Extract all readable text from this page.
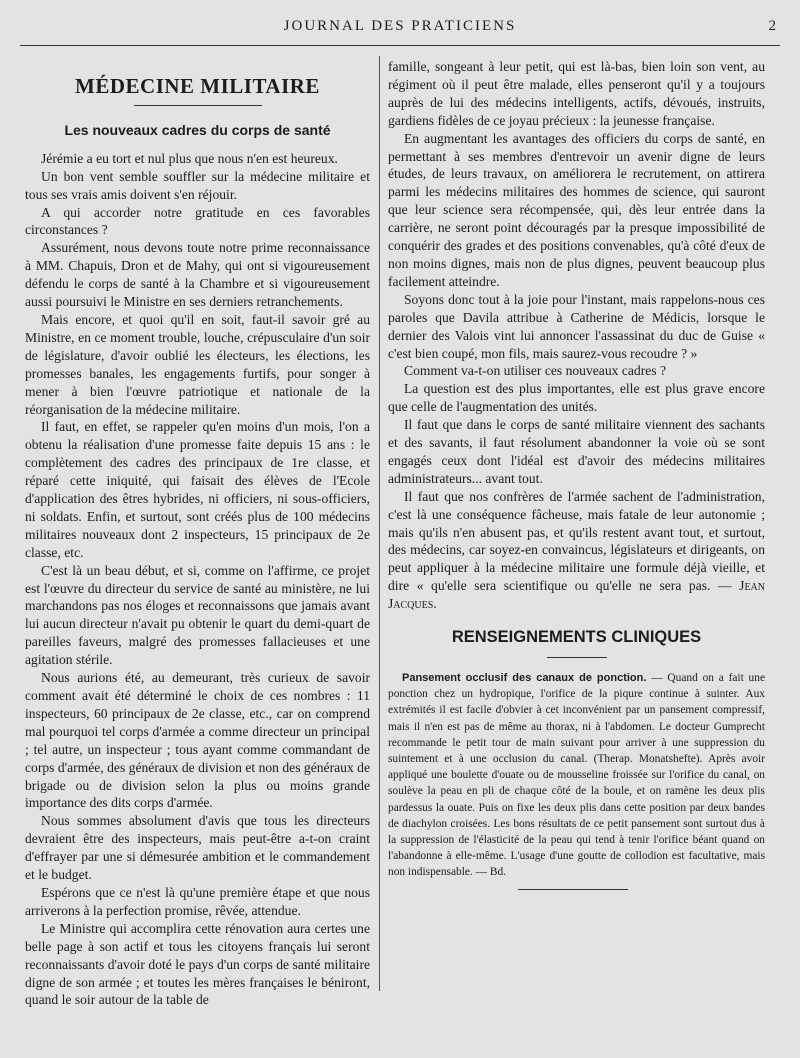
JOURNAL DES PRATICIENS	2
MÉDECINE MILITAIRE
Les nouveaux cadres du corps de santé

Jérémie a eu tort et nul plus que nous n'en est heureux.

Un bon vent semble souffler sur la médecine militaire et tous ses vrais amis doivent s'en réjouir.

A qui accorder notre gratitude en ces favorables circonstances ?

Assurément, nous devons toute notre prime reconnaissance à MM. Chapuis, Dron et de Mahy, qui ont si vigoureusement défendu le corps de santé à la Chambre et si vigoureusement aussi poursuivi le Ministre en ses derniers retranchements.

Mais encore, et quoi qu'il en soit, faut-il savoir gré au Ministre, en ce moment trouble, louche, crépusculaire d'un soir de législature, d'avoir oublié les électeurs, les élections, les promesses banales, les engagements furtifs, pour songer à mener à bien l'œuvre patriotique et nationale de la réorganisation de la médecine militaire.

Il faut, en effet, se rappeler qu'en moins d'un mois, l'on a obtenu la réalisation d'une promesse faite depuis 15 ans : le complètement des cadres des principaux de 1re classe, et réparé cette iniquité, qui faisait des élèves de l'Ecole d'application des êtres hybrides, ni officiers, ni sous-officiers, ni soldats. Enfin, et surtout, sont créés plus de 100 médecins militaires nouveaux dont 2 inspecteurs, 15 principaux de 2e classe, etc.

C'est là un beau début, et si, comme on l'affirme, ce projet est l'œuvre du directeur du service de santé au ministère, ne lui marchandons pas nos éloges et reconnaissons que jamais avant lui aucun directeur n'avait pu obtenir le quart du demi-quart de pareilles faveurs, malgré des promesses fallacieuses et une agitation stérile.

Nous aurions été, au demeurant, très curieux de savoir comment avait été déterminé le choix de ces nombres : 11 inspecteurs, 60 principaux de 2e classe, etc., car on comprend mal pourquoi tel corps d'armée a comme directeur un principal ; tel autre, un inspecteur ; tous ayant comme commandant de corps d'armée, des généraux de division et non des généraux de brigade ou de division selon la plus ou moins grande importance des dits corps d'armée.

Nous sommes absolument d'avis que tous les directeurs devraient être des inspecteurs, mais peut-être a-t-on craint d'effrayer par une si démesurée ambition et le commandement et le budget.

Espérons que ce n'est là qu'une première étape et que nous arriverons à la perfection promise, rêvée, attendue.

Le Ministre qui accomplira cette rénovation aura certes une belle page à son actif et tous les citoyens français lui seront reconnaissants d'avoir doté le pays d'un corps de santé militaire digne de son armée ; et toutes les mères françaises le béniront, quand le soir autour de la table de

famille, songeant à leur petit, qui est là-bas, bien loin son vent, au régiment où il peut être malade, elles penseront qu'il y a toujours auprès de lui des médecins intelligents, actifs, dévoués, instruits, gardiens fidèles de ce joyau précieux : la jeunesse française.

En augmentant les avantages des officiers du corps de santé, en permettant à ses membres d'entrevoir un avenir digne de leurs études, de leurs travaux, on améliorera le recrutement, on attirera parmi les médecins militaires des hommes de science, qui sauront que leur science sera récompensée, qui, dès leur entrée dans la carrière, ne seront point découragés par la presque impossibilité de conquérir des grades et des positions convenables, qu'à côté d'eux de non moins dignes, mais non de plus dignes, peuvent beaucoup plus facilement atteindre.

Soyons donc tout à la joie pour l'instant, mais rappelons-nous ces paroles que Davila attribue à Catherine de Médicis, lorsque le dernier des Valois vint lui annoncer l'assassinat du duc de Guise « c'est bien coupé, mon fils, mais saurez-vous recoudre ? »

Comment va-t-on utiliser ces nouveaux cadres ?

La question est des plus importantes, elle est plus grave encore que celle de l'augmentation des unités.

Il faut que dans le corps de santé militaire viennent des sachants et des savants, il faut résolument abandonner la voie où se sont engagés ceux dont l'idéal est d'avoir des médecins militaires administrateurs... avant tout.

Il faut que nos confrères de l'armée sachent de l'administration, c'est là une conséquence fâcheuse, mais fatale de leur autonomie ; mais qu'ils n'en abusent pas, et qu'ils restent avant tout, et surtout, des médecins, car soyez-en convaincus, législateurs et dirigeants, on peut appliquer à la médecine militaire une formule déjà vieille, et dire « qu'elle sera scientifique ou qu'elle ne sera pas. — Jean Jacques.

RENSEIGNEMENTS CLINIQUES

Pansement occlusif des canaux de ponction. — Quand on a fait une ponction chez un hydropique, l'orifice de la piqure continue à suinter. Aux extrémités il est facile d'obvier à cet inconvénient par un pansement compressif, mais il n'en est pas de même au thorax, ni à l'abdomen. Le docteur Gumprecht recommande le petit tour de main suivant pour arriver à une suppression du suintement et à une occlusion du canal. (Therap. Monatshefte). Après avoir appliqué une boulette d'ouate ou de mousseline froissée sur l'orifice du canal, on soulève la peau en pli de chaque côté de la boule, et on ramène les deux plis pardessus la ouate. Puis on fixe les deux plis dans cette position par deux bandes de diachylon croisées. Les bons résultats de ce petit pansement sont surtout dus à la suppression de l'élasticité de la peau qui tend à tenir l'orifice béant quand on l'abandonne à elle-même. L'usage d'une goutte de collodion est facultative, mais non indispensable. — Bd.
